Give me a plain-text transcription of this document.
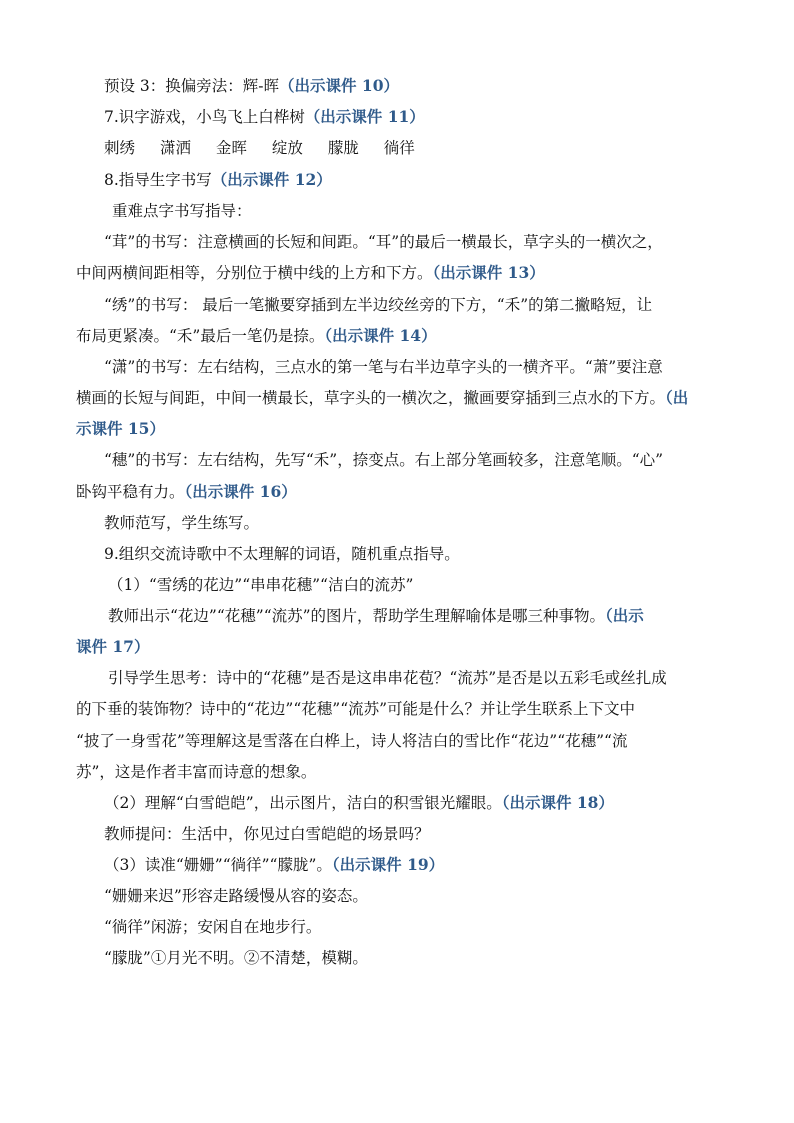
预设 3：换偏旁法：辉-晖（出示课件 10）
7.识字游戏，小鸟飞上白桦树（出示课件 11）
刺绣 潇洒 金晖 绽放 朦胧 徜徉
8.指导生字书写（出示课件 12）
重难点字书写指导：
“茸”的书写：注意横画的长短和间距。“耳”的最后一横最长，草字头的一横次之，
中间两横间距相等，分别位于横中线的上方和下方。（出示课件 13）
“绣”的书写： 最后一笔撇要穿插到左半边绞丝旁的下方，“禾”的第二撇略短，让
布局更紧凑。“禾”最后一笔仍是捺。（出示课件 14）
“潇”的书写：左右结构，三点水的第一笔与右半边草字头的一横齐平。“萧”要注意
横画的长短与间距，中间一横最长，草字头的一横次之，撇画要穿插到三点水的下方。（出
示课件 15）
“穗”的书写：左右结构，先写“禾”，捺变点。右上部分笔画较多，注意笔顺。“心”
卧钩平稳有力。（出示课件 16）
教师范写，学生练写。
9.组织交流诗歌中不太理解的词语，随机重点指导。
（1）“雪绣的花边”“串串花穗”“洁白的流苏”
教师出示“花边”“花穗”“流苏”的图片，帮助学生理解喻体是哪三种事物。（出示
课件 17）
引导学生思考：诗中的“花穗”是否是这串串花苞？“流苏”是否是以五彩毛或丝扎成
的下垂的装饰物？诗中的“花边”“花穗”“流苏”可能是什么？并让学生联系上下文中
“披了一身雪花”等理解这是雪落在白桦上，诗人将洁白的雪比作“花边”“花穗”“流
苏”，这是作者丰富而诗意的想象。
（2）理解“白雪皑皑”，出示图片，洁白的积雪银光耀眼。（出示课件 18）
教师提问：生活中，你见过白雪皑皑的场景吗？
（3）读准“姗姗”“徜徉”“朦胧”。（出示课件 19）
“姗姗来迟”形容走路缓慢从容的姿态。
“徜徉”闲游；安闲自在地步行。
“朦胧”①月光不明。②不清楚，模糊。
